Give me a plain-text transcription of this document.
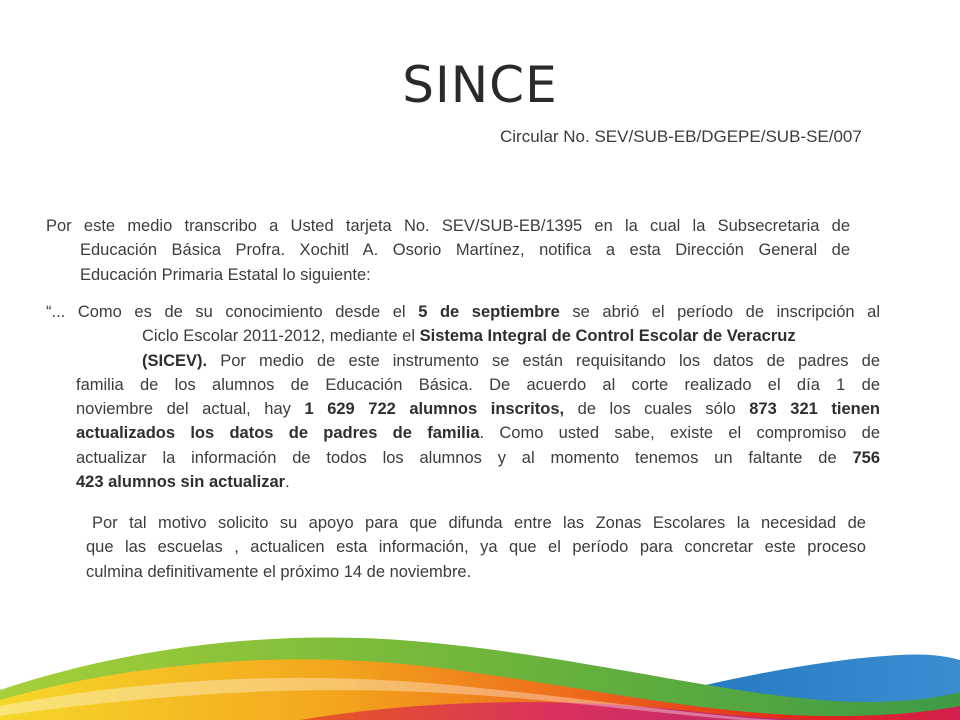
SINCE
Circular No. SEV/SUB-EB/DGEPE/SUB-SE/007

Por este medio transcribo a Usted tarjeta No. SEV/SUB-EB/1395 en la cual la Subsecretaria de
Educación Básica Profra. Xochitl A. Osorio Martínez, notifica a esta Dirección General de
Educación Primaria Estatal lo siguiente:

“... Como es de su conocimiento desde el 5 de septiembre se abrió el período de inscripción al
Ciclo Escolar 2011-2012, mediante el Sistema Integral de Control Escolar de Veracruz
(SICEV). Por medio de este instrumento se están requisitando los datos de padres de
familia de los alumnos de Educación Básica. De acuerdo al corte realizado el día 1 de
noviembre del actual, hay 1 629 722 alumnos inscritos, de los cuales sólo 873 321 tienen
actualizados los datos de padres de familia. Como usted sabe, existe el compromiso de
actualizar la información de todos los alumnos y al momento tenemos un faltante de 756
423 alumnos sin actualizar.
Por tal motivo solicito su apoyo para que difunda entre las Zonas Escolares la necesidad de
que las escuelas , actualicen esta información, ya que el período para concretar este proceso
culmina definitivamente el próximo 14 de noviembre.
